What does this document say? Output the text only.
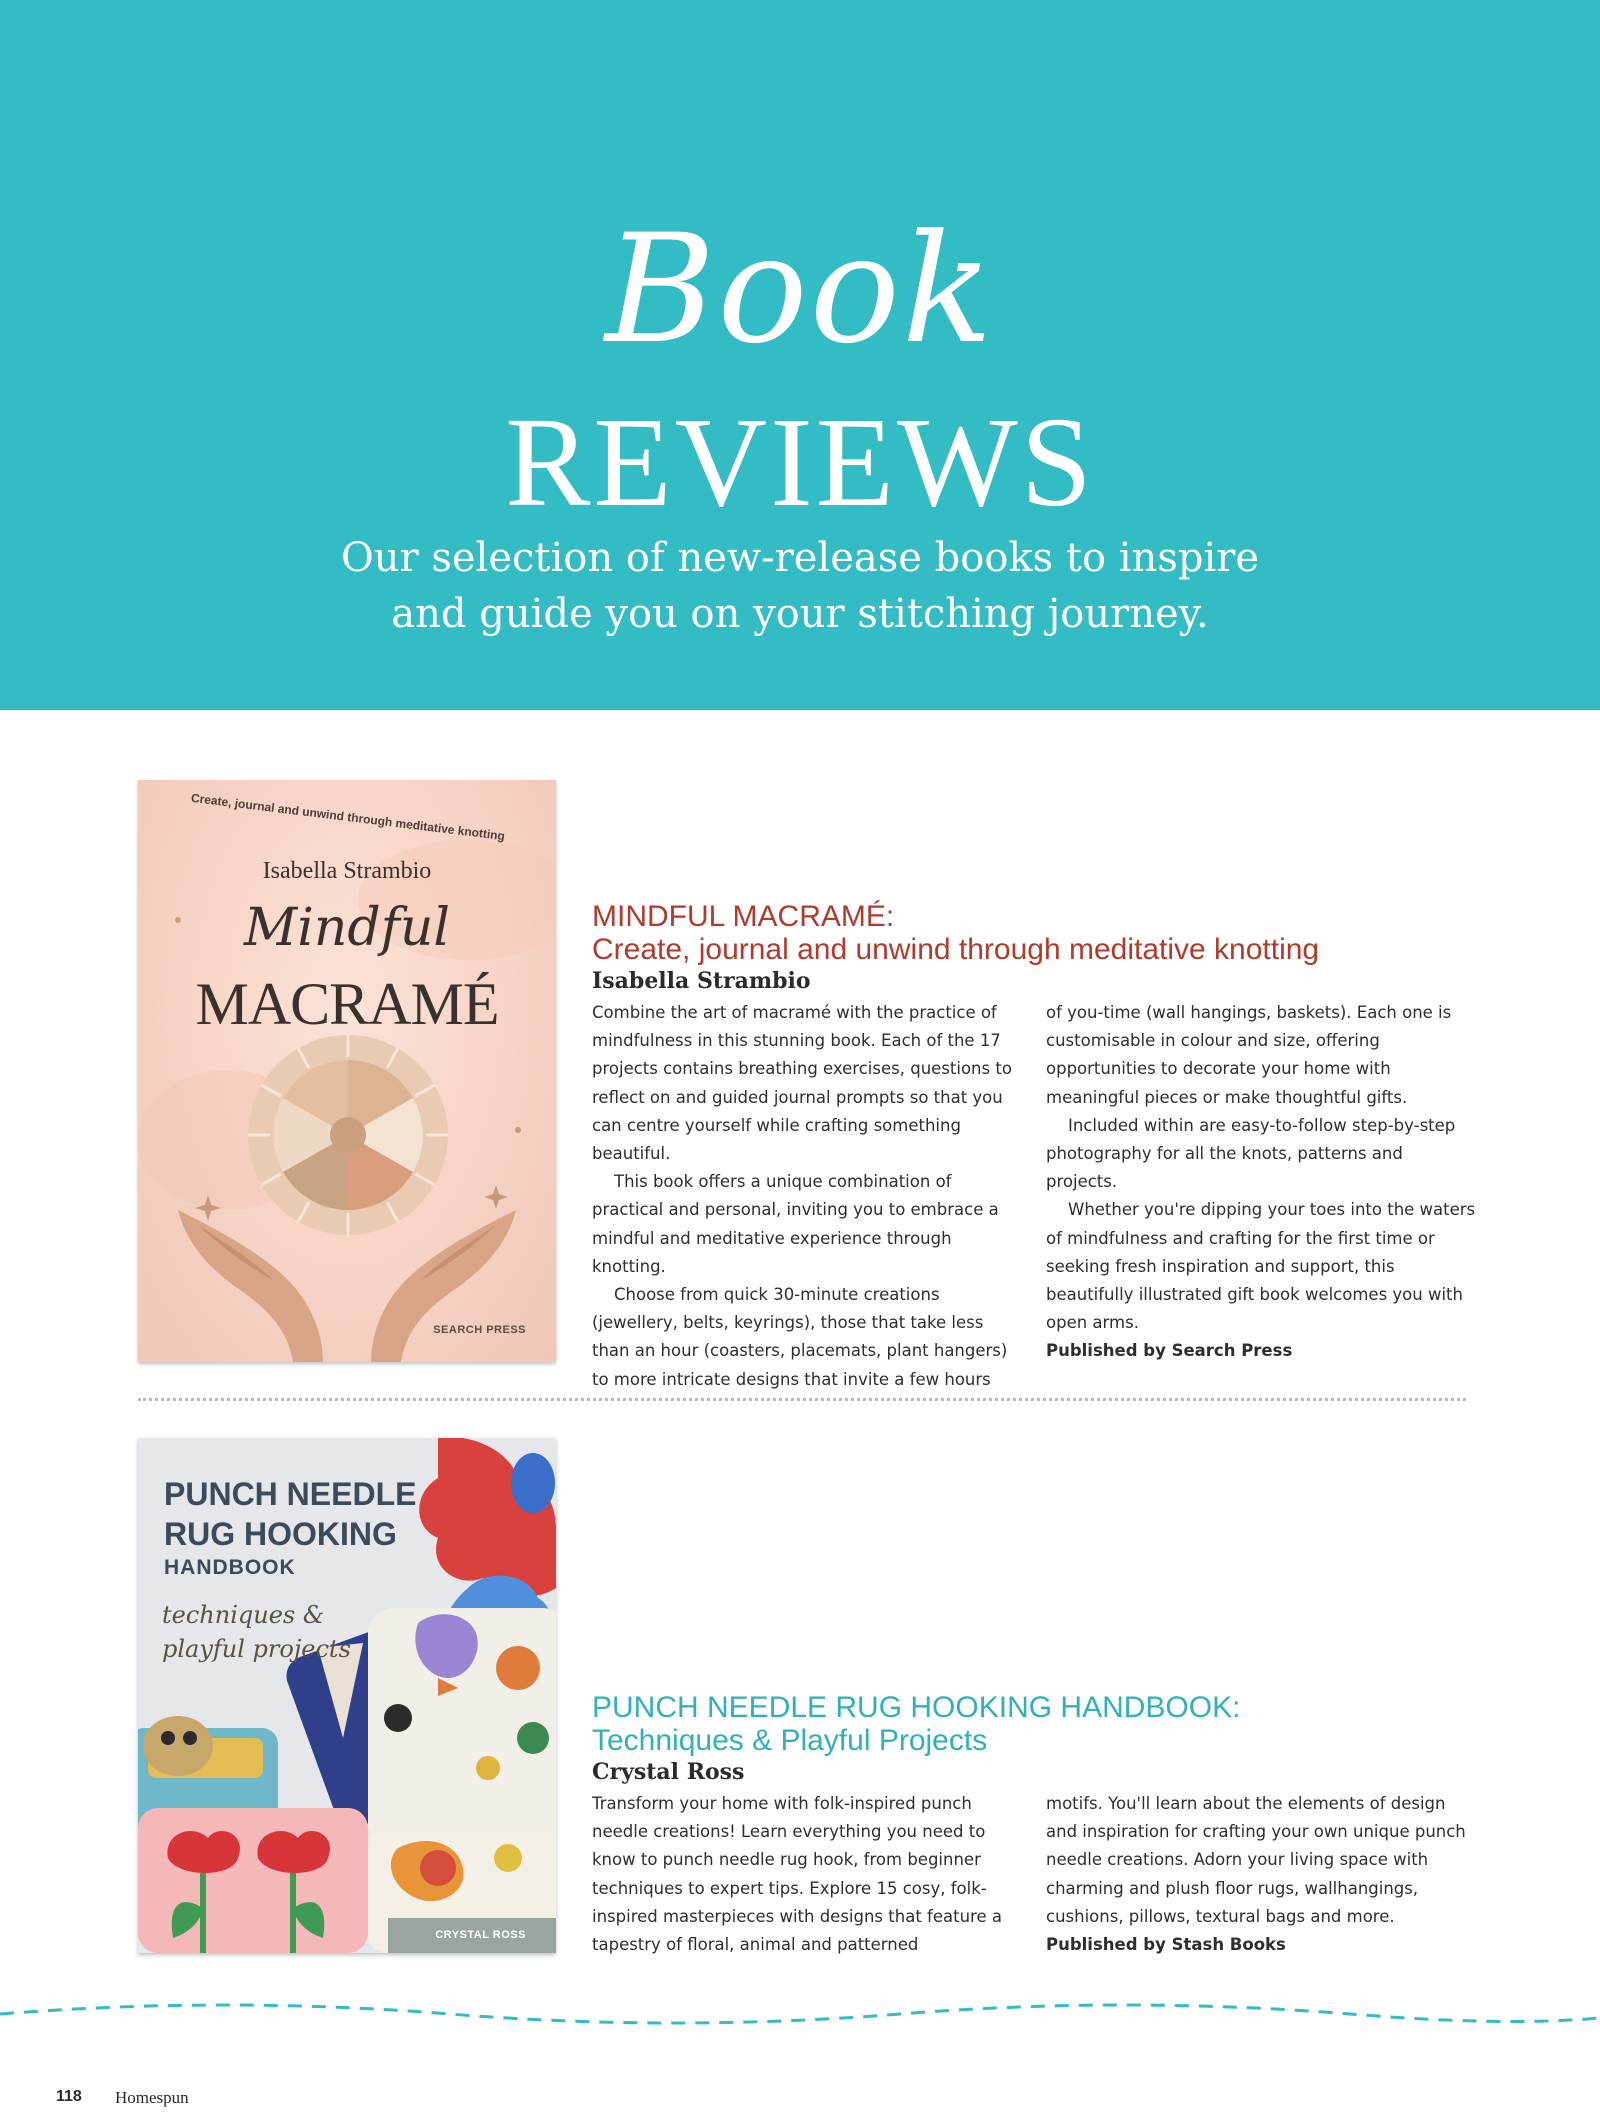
Book
REVIEWS
Our selection of new-release books to inspire
and guide you on your stitching journey.
Create, journal and unwind through meditative knotting
Isabella Strambio
Mindful
MACRAMÉ
SEARCH PRESS
MINDFUL MACRAMÉ:
Create, journal and unwind through meditative knotting
Isabella Strambio

Combine the art of macramé with the practice of mindfulness in this stunning book. Each of the 17 projects contains breathing exercises, questions to reflect on and guided journal prompts so that you can centre yourself while crafting something beautiful.

This book offers a unique combination of practical and personal, inviting you to embrace a mindful and meditative experience through knotting.

Choose from quick 30-minute creations (jewellery, belts, keyrings), those that take less than an hour (coasters, placemats, plant hangers) to more intricate designs that invite a few hours

of you-time (wall hangings, baskets). Each one is customisable in colour and size, offering opportunities to decorate your home with meaningful pieces or make thoughtful gifts.

Included within are easy-to-follow step-by-step photography for all the knots, patterns and projects.

Whether you're dipping your toes into the waters of mindfulness and crafting for the first time or seeking fresh inspiration and support, this beautifully illustrated gift book welcomes you with open arms.

Published by Search Press

PUNCH NEEDLE
RUG HOOKING
HANDBOOK
techniques &
playful projects
CRYSTAL ROSS
PUNCH NEEDLE RUG HOOKING HANDBOOK:
Techniques & Playful Projects
Crystal Ross

Transform your home with folk-inspired punch needle creations! Learn everything you need to know to punch needle rug hook, from beginner techniques to expert tips. Explore 15 cosy, folk-inspired masterpieces with designs that feature a tapestry of floral, animal and patterned

motifs. You'll learn about the elements of design and inspiration for crafting your own unique punch needle creations. Adorn your living space with charming and plush floor rugs, wallhangings, cushions, pillows, textural bags and more.

Published by Stash Books

118 Homespun
